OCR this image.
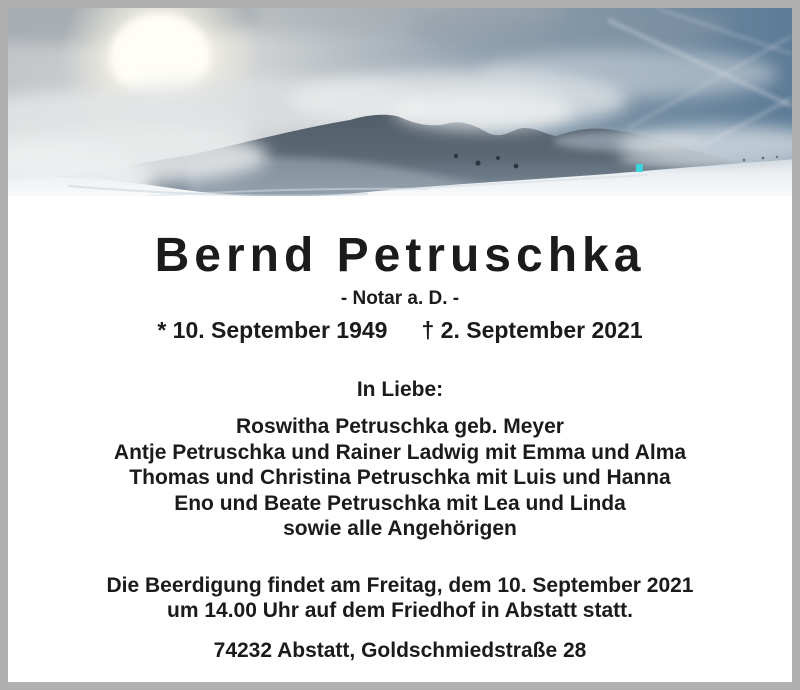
Bernd Petruschka
- Notar a. D. -
* 10. September 1949 † 2. September 2021
In Liebe:
Roswitha Petruschka geb. Meyer
Antje Petruschka und Rainer Ladwig mit Emma und Alma
Thomas und Christina Petruschka mit Luis und Hanna
Eno und Beate Petruschka mit Lea und Linda
sowie alle Angehörigen
Die Beerdigung findet am Freitag, dem 10. September 2021
um 14.00 Uhr auf dem Friedhof in Abstatt statt.
74232 Abstatt, Goldschmiedstraße 28
